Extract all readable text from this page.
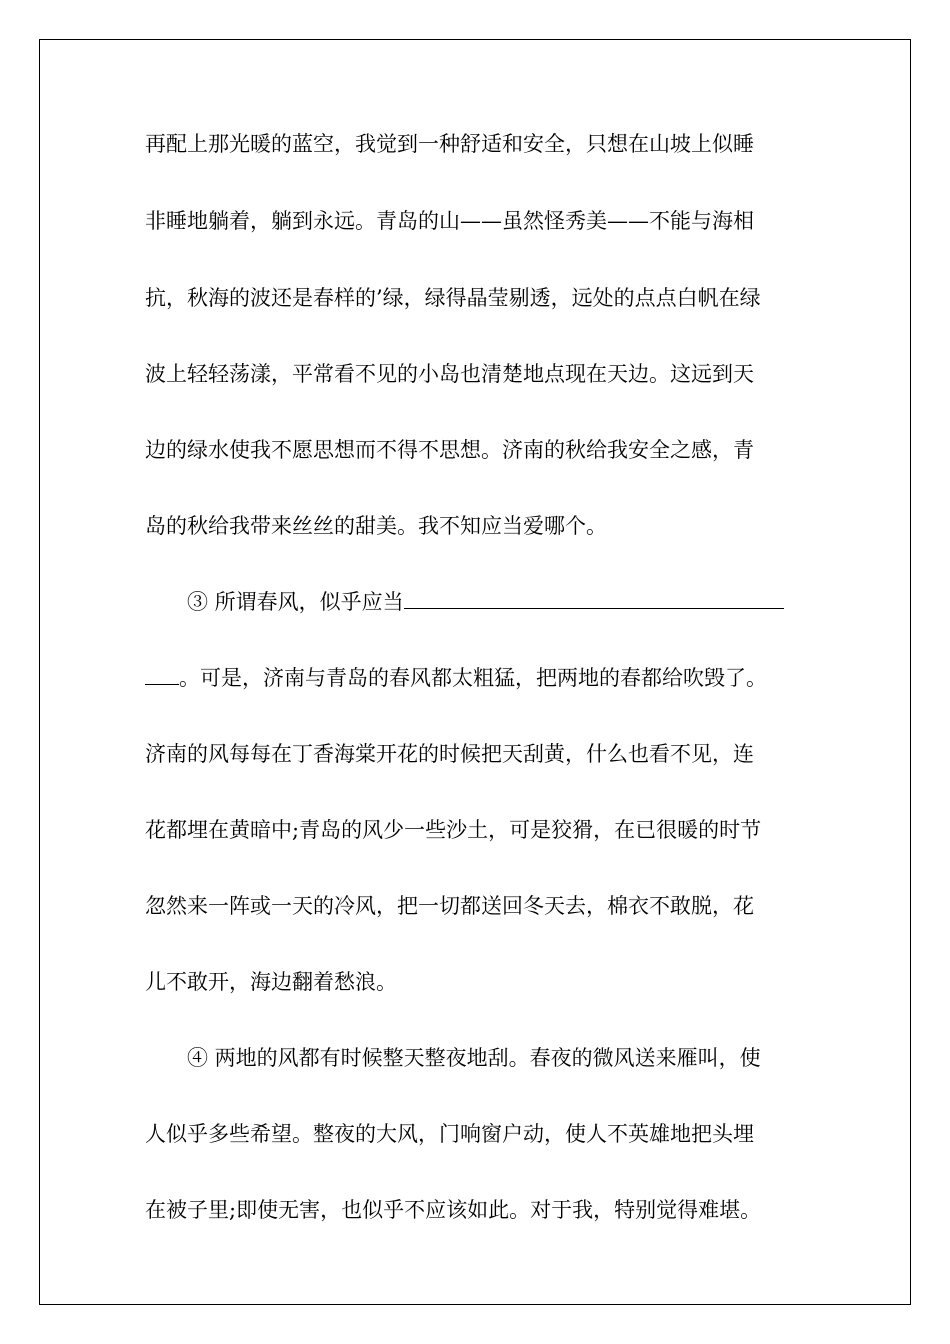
再配上那光暖的蓝空，我觉到一种舒适和安全，只想在山坡上似睡
非睡地躺着，躺到永远。青岛的山——虽然怪秀美——不能与海相
抗，秋海的波还是春样的’绿，绿得晶莹剔透，远处的点点白帆在绿
波上轻轻荡漾，平常看不见的小岛也清楚地点现在天边。这远到天
边的绿水使我不愿思想而不得不思想。济南的秋给我安全之感，青
岛的秋给我带来丝丝的甜美。我不知应当爱哪个。
③ 所谓春风，似乎应当
。可是，济南与青岛的春风都太粗猛，把两地的春都给吹毁了。
济南的风每每在丁香海棠开花的时候把天刮黄，什么也看不见，连
花都埋在黄暗中;青岛的风少一些沙土，可是狡猾，在已很暖的时节
忽然来一阵或一天的冷风，把一切都送回冬天去，棉衣不敢脱，花
儿不敢开，海边翻着愁浪。
④ 两地的风都有时候整天整夜地刮。春夜的微风送来雁叫，使
人似乎多些希望。整夜的大风，门响窗户动，使人不英雄地把头埋
在被子里;即使无害，也似乎不应该如此。对于我，特别觉得难堪。
